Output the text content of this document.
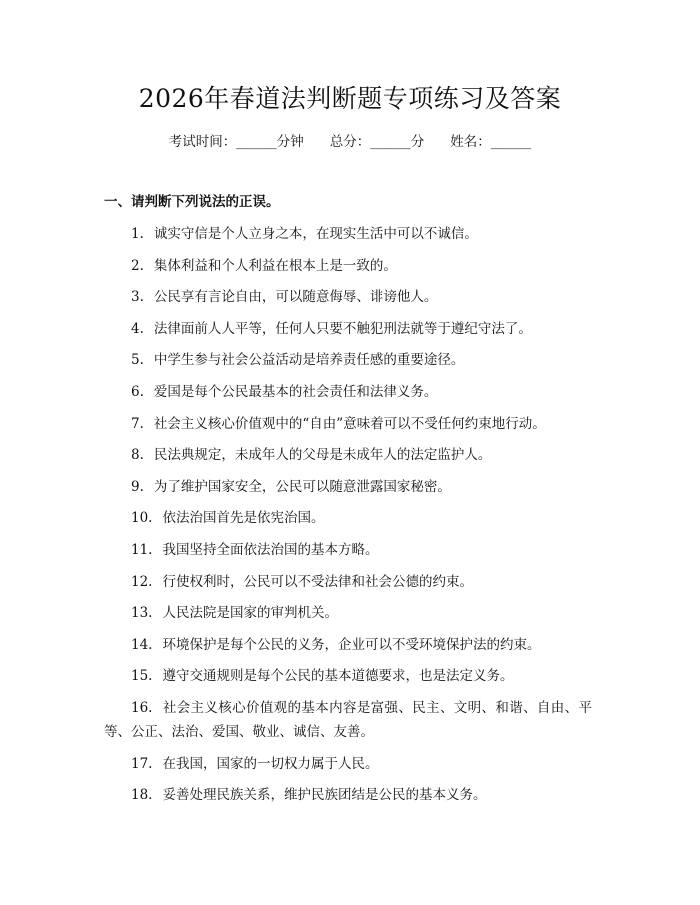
2026年春道法判断题专项练习及答案
考试时间：______分钟 总分：______分 姓名：______
一、请判断下列说法的正误。
1. 诚实守信是个人立身之本，在现实生活中可以不诚信。
2. 集体利益和个人利益在根本上是一致的。
3. 公民享有言论自由，可以随意侮辱、诽谤他人。
4. 法律面前人人平等，任何人只要不触犯刑法就等于遵纪守法了。
5. 中学生参与社会公益活动是培养责任感的重要途径。
6. 爱国是每个公民最基本的社会责任和法律义务。
7. 社会主义核心价值观中的“自由”意味着可以不受任何约束地行动。
8. 民法典规定，未成年人的父母是未成年人的法定监护人。
9. 为了维护国家安全，公民可以随意泄露国家秘密。
10. 依法治国首先是依宪治国。
11. 我国坚持全面依法治国的基本方略。
12. 行使权利时，公民可以不受法律和社会公德的约束。
13. 人民法院是国家的审判机关。
14. 环境保护是每个公民的义务，企业可以不受环境保护法的约束。
15. 遵守交通规则是每个公民的基本道德要求，也是法定义务。
16. 社会主义核心价值观的基本内容是富强、民主、文明、和谐、自由、平等、公正、法治、爱国、敬业、诚信、友善。
17. 在我国，国家的一切权力属于人民。
18. 妥善处理民族关系，维护民族团结是公民的基本义务。
